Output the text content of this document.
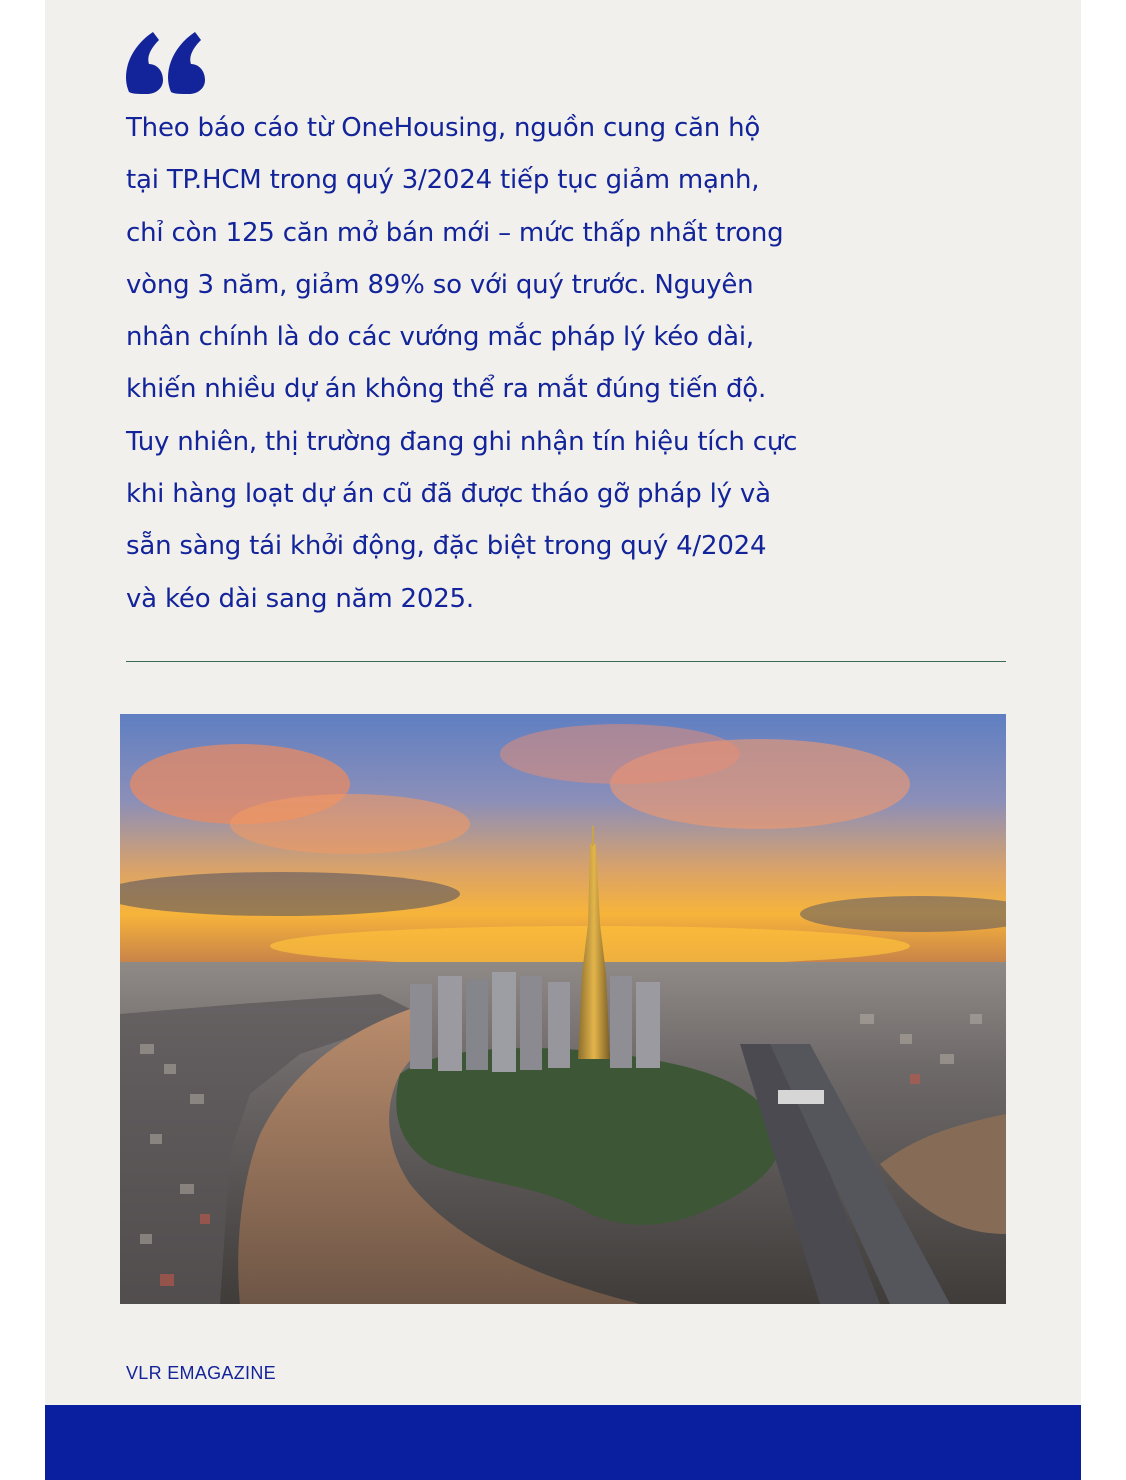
Theo báo cáo từ OneHousing, nguồn cung căn hộ
tại TP.HCM trong quý 3/2024 tiếp tục giảm mạnh,
chỉ còn 125 căn mở bán mới – mức thấp nhất trong
vòng 3 năm, giảm 89% so với quý trước. Nguyên
nhân chính là do các vướng mắc pháp lý kéo dài,
khiến nhiều dự án không thể ra mắt đúng tiến độ.
Tuy nhiên, thị trường đang ghi nhận tín hiệu tích cực
khi hàng loạt dự án cũ đã được tháo gỡ pháp lý và
sẵn sàng tái khởi động, đặc biệt trong quý 4/2024
và kéo dài sang năm 2025.

VLR EMAGAZINE
